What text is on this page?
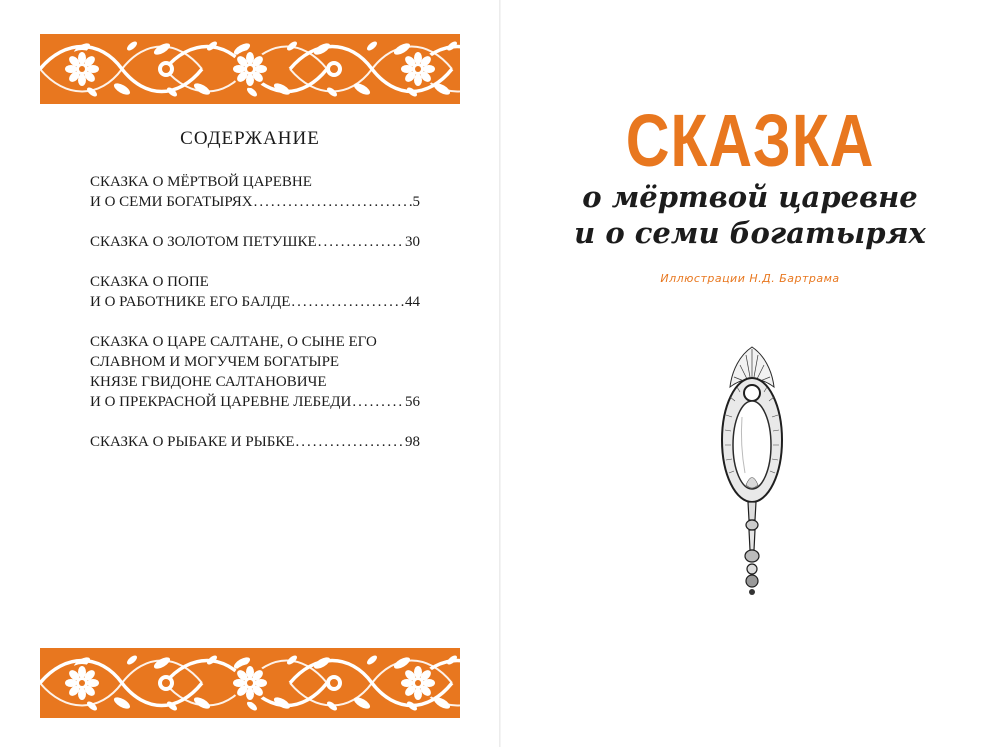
СОДЕРЖАНИЕ
СКАЗКА О МЁРТВОЙ ЦАРЕВНЕ
И О СЕМИ БОГАТЫРЯХ .....	5
СКАЗКА О ЗОЛОТОМ ПЕТУШКЕ .....	30
СКАЗКА О ПОПЕ
И О РАБОТНИКЕ ЕГО БАЛДЕ .....	44
СКАЗКА О ЦАРЕ САЛТАНЕ, О СЫНЕ ЕГО
СЛАВНОМ И МОГУЧЕМ БОГАТЫРЕ
КНЯЗЕ ГВИДОНЕ САЛТАНОВИЧЕ
И О ПРЕКРАСНОЙ ЦАРЕВНЕ ЛЕБЕДИ .....	56
СКАЗКА О РЫБАКЕ И РЫБКЕ .....	98
СКАЗКА
о мёртвой царевне
и о семи богатырях
Иллюстрации Н.Д. Бартрама
